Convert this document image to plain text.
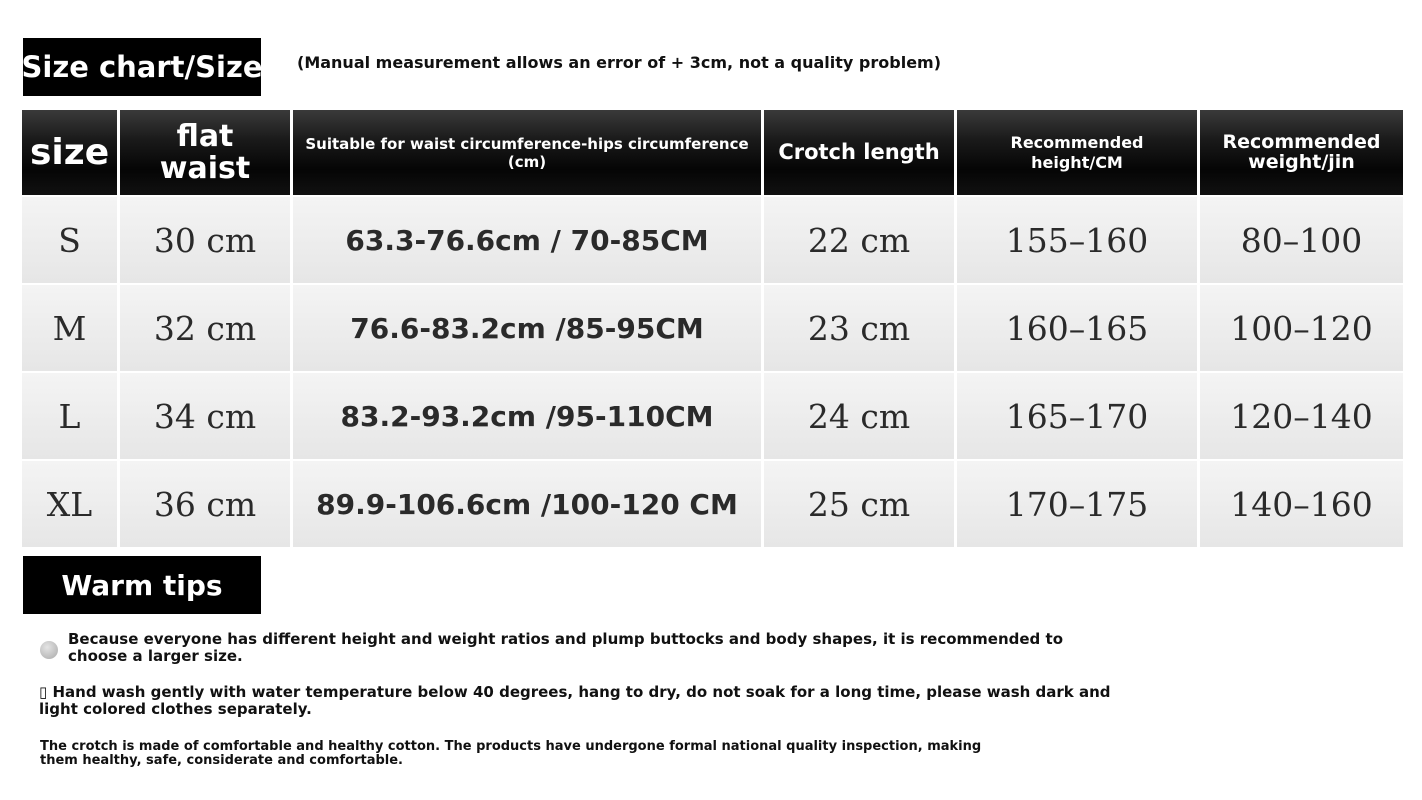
Size chart/Size (Manual measurement allows an error of + 3cm, not a quality problem)
size	flat waist	Suitable for waist circumference-hips circumference (cm)	Crotch length	Recommended height/CM	Recommended weight/jin
S	30 cm	63.3-76.6cm / 70-85CM	22 cm	155–160	80–100
M	32 cm	76.6-83.2cm /85-95CM	23 cm	160–165	100–120
L	34 cm	83.2-93.2cm /95-110CM	24 cm	165–170	120–140
XL	36 cm	89.9-106.6cm /100-120 CM	25 cm	170–175	140–160
Warm tips
Because everyone has different height and weight ratios and plump buttocks and body shapes, it is recommended to choose a larger size.
▯ Hand wash gently with water temperature below 40 degrees, hang to dry, do not soak for a long time, please wash dark and light colored clothes separately.
The crotch is made of comfortable and healthy cotton. The products have undergone formal national quality inspection, making them healthy, safe, considerate and comfortable.
